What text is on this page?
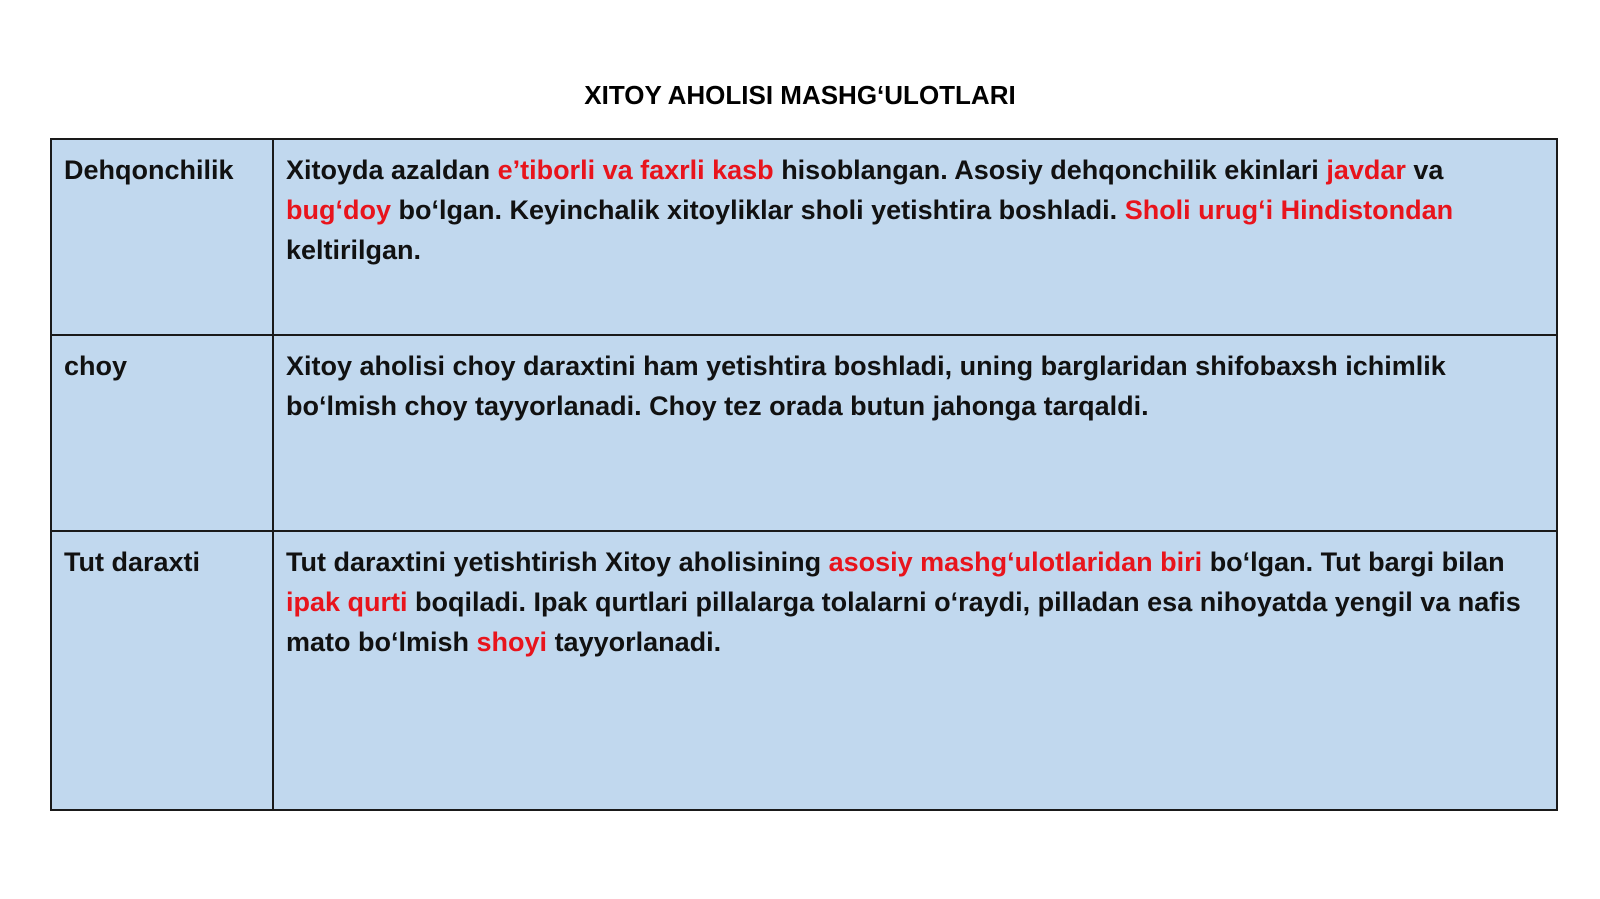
XITOY AHOLISI MASHG‘ULOTLARI
Dehqonchilik	Xitoyda azaldan e’tiborli va faxrli kasb hisoblangan. Asosiy dehqonchilik ekinlari javdar va bug‘doy bo‘lgan. Keyinchalik xitoyliklar sholi yetishtira boshladi. Sholi urug‘i Hindistondan keltirilgan.
choy	Xitoy aholisi choy daraxtini ham yetishtira boshladi, uning barglaridan shifobaxsh ichimlik bo‘lmish choy tayyorlanadi. Choy tez orada butun jahonga tarqaldi.
Tut daraxti	Tut daraxtini yetishtirish Xitoy aholisining asosiy mashg‘ulotlaridan biri bo‘lgan. Tut bargi bilan ipak qurti boqiladi. Ipak qurtlari pillalarga tolalarni o‘raydi, pilladan esa nihoyatda yengil va nafis mato bo‘lmish shoyi tayyorlanadi.
